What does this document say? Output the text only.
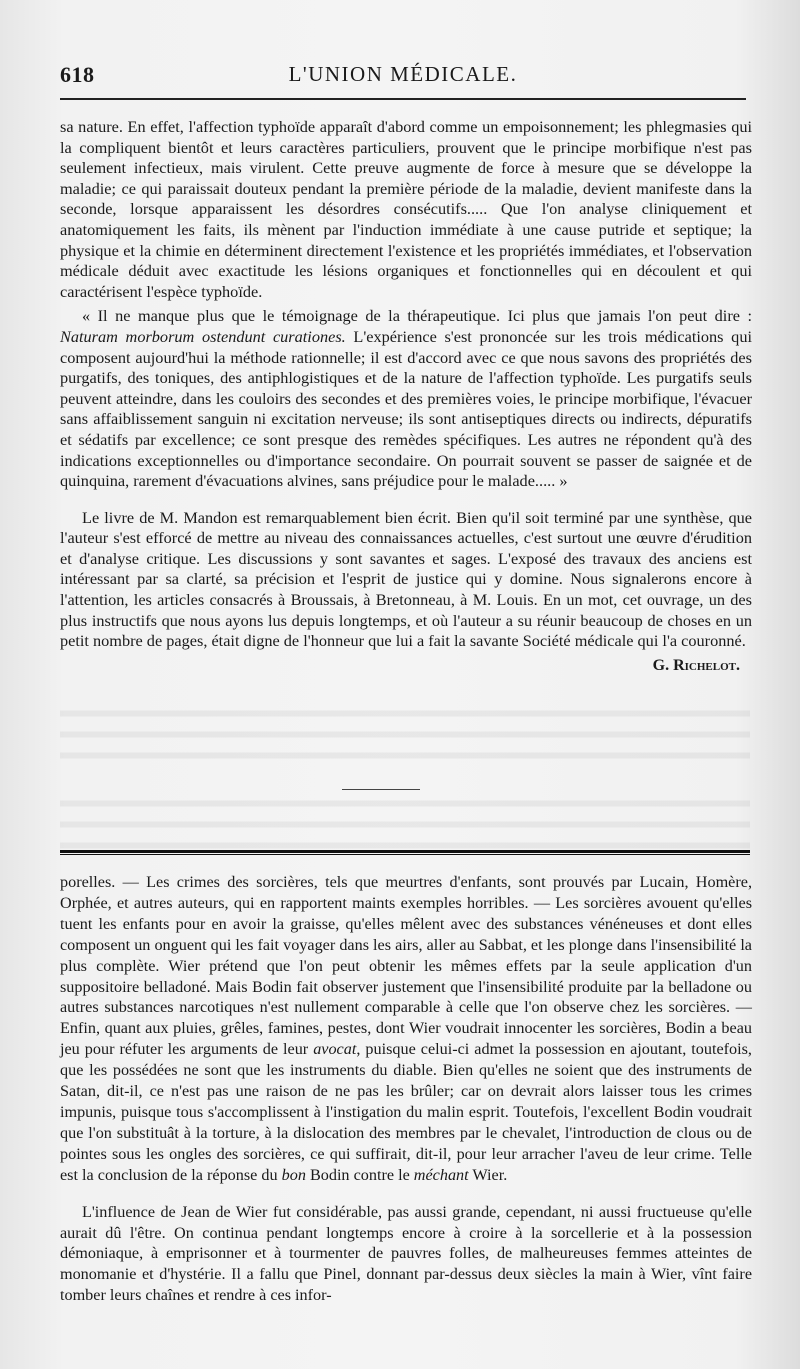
618	L'UNION MÉDICALE.

sa nature. En effet, l'affection typhoïde apparaît d'abord comme un empoisonnement; les phlegmasies qui la compliquent bientôt et leurs caractères particuliers, prouvent que le principe morbifique n'est pas seulement infectieux, mais virulent. Cette preuve augmente de force à mesure que se développe la maladie; ce qui paraissait douteux pendant la première période de la maladie, devient manifeste dans la seconde, lorsque apparaissent les désordres consécutifs..... Que l'on analyse cliniquement et anatomiquement les faits, ils mènent par l'induction immédiate à une cause putride et septique; la physique et la chimie en déterminent directement l'existence et les propriétés immédiates, et l'observation médicale déduit avec exactitude les lésions organiques et fonctionnelles qui en découlent et qui caractérisent l'espèce typhoïde.

« Il ne manque plus que le témoignage de la thérapeutique. Ici plus que jamais l'on peut dire : Naturam morborum ostendunt curationes. L'expérience s'est prononcée sur les trois médications qui composent aujourd'hui la méthode rationnelle; il est d'accord avec ce que nous savons des propriétés des purgatifs, des toniques, des antiphlogistiques et de la nature de l'affection typhoïde. Les purgatifs seuls peuvent atteindre, dans les couloirs des secondes et des premières voies, le principe morbifique, l'évacuer sans affaiblissement sanguin ni excitation nerveuse; ils sont antiseptiques directs ou indirects, dépuratifs et sédatifs par excellence; ce sont presque des remèdes spécifiques. Les autres ne répondent qu'à des indications exceptionnelles ou d'importance secondaire. On pourrait souvent se passer de saignée et de quinquina, rarement d'évacuations alvines, sans préjudice pour le malade..... »

Le livre de M. Mandon est remarquablement bien écrit. Bien qu'il soit terminé par une synthèse, que l'auteur s'est efforcé de mettre au niveau des connaissances actuelles, c'est surtout une œuvre d'érudition et d'analyse critique. Les discussions y sont savantes et sages. L'exposé des travaux des anciens est intéressant par sa clarté, sa précision et l'esprit de justice qui y domine. Nous signalerons encore à l'attention, les articles consacrés à Broussais, à Bretonneau, à M. Louis. En un mot, cet ouvrage, un des plus instructifs que nous ayons lus depuis longtemps, et où l'auteur a su réunir beaucoup de choses en un petit nombre de pages, était digne de l'honneur que lui a fait la savante Société médicale qui l'a couronné.

G. Richelot.

porelles. — Les crimes des sorcières, tels que meurtres d'enfants, sont prouvés par Lucain, Homère, Orphée, et autres auteurs, qui en rapportent maints exemples horribles. — Les sorcières avouent qu'elles tuent les enfants pour en avoir la graisse, qu'elles mêlent avec des substances vénéneuses et dont elles composent un onguent qui les fait voyager dans les airs, aller au Sabbat, et les plonge dans l'insensibilité la plus complète. Wier prétend que l'on peut obtenir les mêmes effets par la seule application d'un suppositoire belladoné. Mais Bodin fait observer justement que l'insensibilité produite par la belladone ou autres substances narcotiques n'est nullement comparable à celle que l'on observe chez les sorcières. — Enfin, quant aux pluies, grêles, famines, pestes, dont Wier voudrait innocenter les sorcières, Bodin a beau jeu pour réfuter les arguments de leur avocat, puisque celui-ci admet la possession en ajoutant, toutefois, que les possédées ne sont que les instruments du diable. Bien qu'elles ne soient que des instruments de Satan, dit-il, ce n'est pas une raison de ne pas les brûler; car on devrait alors laisser tous les crimes impunis, puisque tous s'accomplissent à l'instigation du malin esprit. Toutefois, l'excellent Bodin voudrait que l'on substituât à la torture, à la dislocation des membres par le chevalet, l'introduction de clous ou de pointes sous les ongles des sorcières, ce qui suffirait, dit-il, pour leur arracher l'aveu de leur crime. Telle est la conclusion de la réponse du bon Bodin contre le méchant Wier.

L'influence de Jean de Wier fut considérable, pas aussi grande, cependant, ni aussi fructueuse qu'elle aurait dû l'être. On continua pendant longtemps encore à croire à la sorcellerie et à la possession démoniaque, à emprisonner et à tourmenter de pauvres folles, de malheureuses femmes atteintes de monomanie et d'hystérie. Il a fallu que Pinel, donnant par-dessus deux siècles la main à Wier, vînt faire tomber leurs chaînes et rendre à ces infor-
